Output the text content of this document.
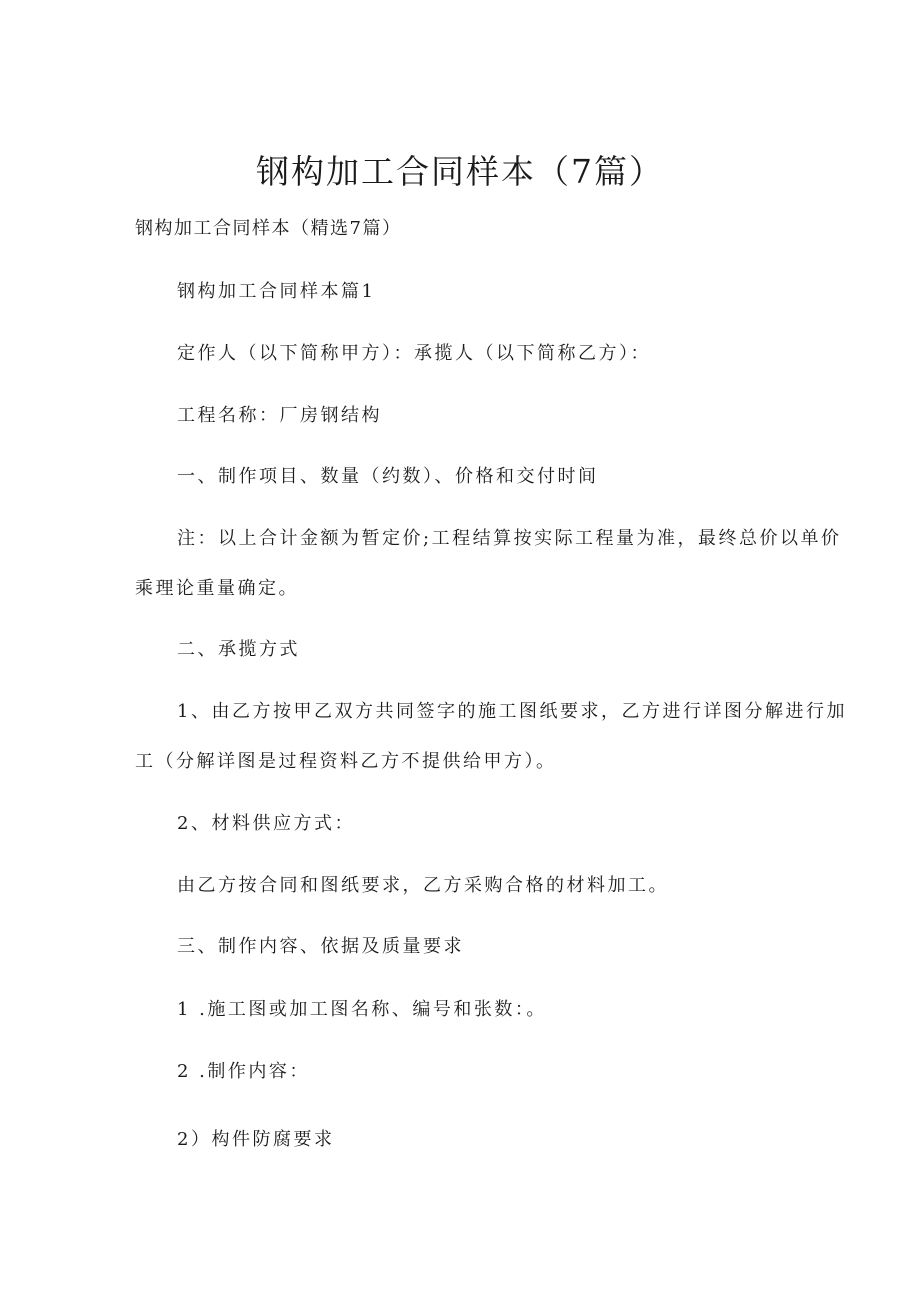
钢构加工合同样本（7篇）

钢构加工合同样本（精选7篇）

钢构加工合同样本篇1

定作人（以下简称甲方）：承揽人（以下简称乙方）：

工程名称：厂房钢结构

一、制作项目、数量（约数）、价格和交付时间

注：以上合计金额为暂定价;工程结算按实际工程量为准，最终总价以单价

乘理论重量确定。

二、承揽方式

1、由乙方按甲乙双方共同签字的施工图纸要求，乙方进行详图分解进行加

工（分解详图是过程资料乙方不提供给甲方）。

2、材料供应方式：

由乙方按合同和图纸要求，乙方采购合格的材料加工。

三、制作内容、依据及质量要求

1 .施工图或加工图名称、编号和张数：。

2 .制作内容：

2）构件防腐要求
